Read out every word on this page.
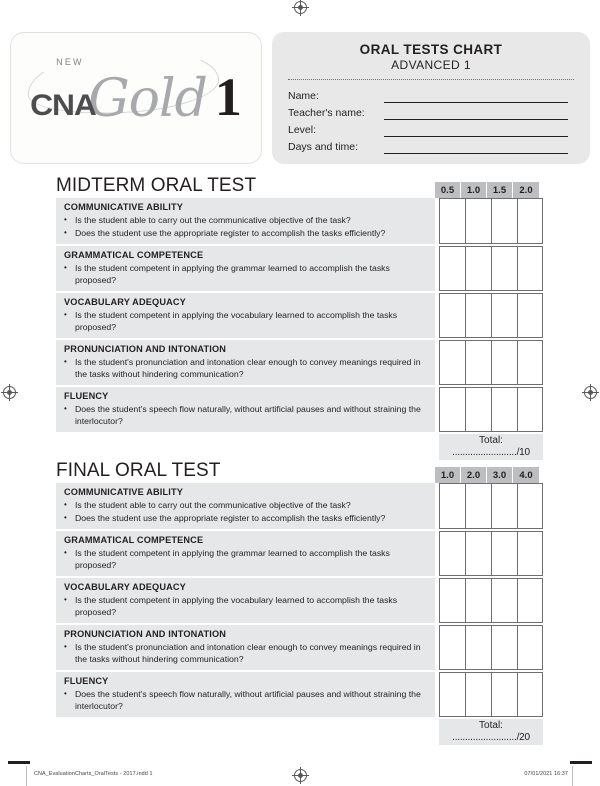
NEW
CNA
Gold 1
ORAL TESTS CHART
ADVANCED 1
Name:
Teacher's name:
Level:
Days and time:
MIDTERM ORAL TEST	0.5	1.0	1.5	2.0
COMMUNICATIVE ABILITY
• Is the student able to carry out the communicative objective of the task?
• Does the student use the appropriate register to accomplish the tasks efficiently?
GRAMMATICAL COMPETENCE
• Is the student competent in applying the grammar learned to accomplish the tasks proposed?
VOCABULARY ADEQUACY
• Is the student competent in applying the vocabulary learned to accomplish the tasks proposed?
PRONUNCIATION AND INTONATION
• Is the student's pronunciation and intonation clear enough to convey meanings required in the tasks without hindering communication?
FLUENCY
• Does the student's speech flow naturally, without artificial pauses and without straining the interlocutor?
Total:
........................./10
FINAL ORAL TEST	1.0	2.0	3.0	4.0
COMMUNICATIVE ABILITY
• Is the student able to carry out the communicative objective of the task?
• Does the student use the appropriate register to accomplish the tasks efficiently?
GRAMMATICAL COMPETENCE
• Is the student competent in applying the grammar learned to accomplish the tasks proposed?
VOCABULARY ADEQUACY
• Is the student competent in applying the vocabulary learned to accomplish the tasks proposed?
PRONUNCIATION AND INTONATION
• Is the student's pronunciation and intonation clear enough to convey meanings required in the tasks without hindering communication?
FLUENCY
• Does the student's speech flow naturally, without artificial pauses and without straining the interlocutor?
Total:
........................./20
CNA_EvaluationCharts_OralTests - 2017.indd 1	07/01/2021 16:37
